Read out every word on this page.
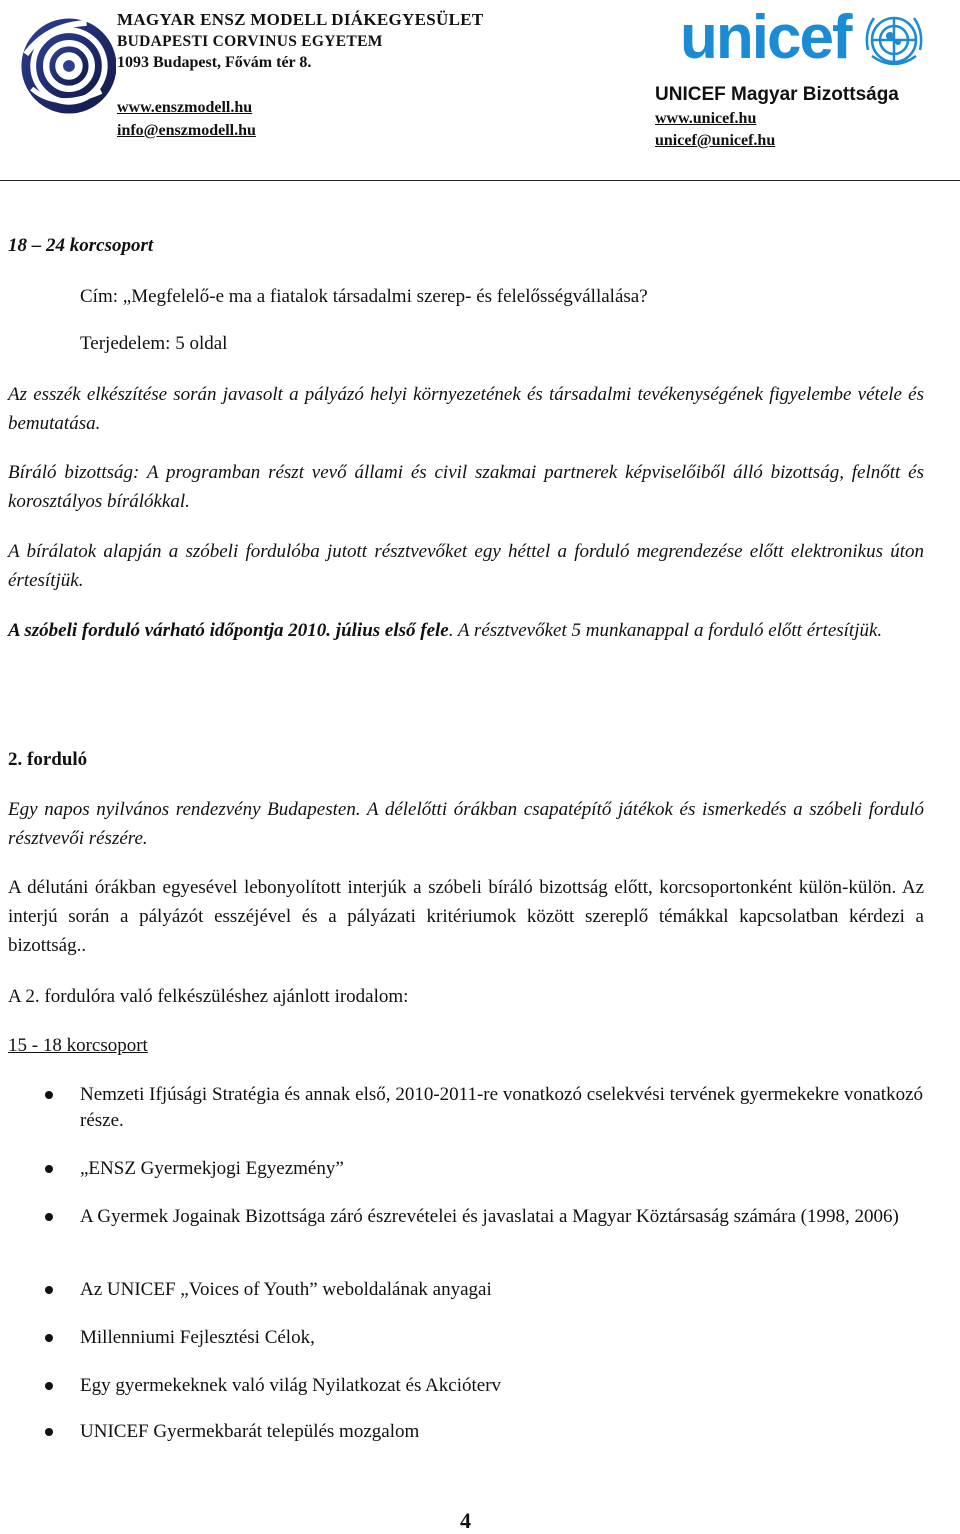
MAGYAR ENSZ MODELL DIÁKEGYESÜLET
BUDAPESTI CORVINUS EGYETEM
1093 Budapest, Fővám tér 8.
www.enszmodell.hu
info@enszmodell.hu
unicef
UNICEF Magyar Bizottsága
www.unicef.hu
unicef@unicef.hu
18 – 24 korcsoport
Cím: „Megfelelő-e ma a fiatalok társadalmi szerep- és felelősségvállalása?
Terjedelem: 5 oldal
Az esszék elkészítése során javasolt a pályázó helyi környezetének és társadalmi tevékenységének figyelembe vétele és bemutatása.
Bíráló bizottság: A programban részt vevő állami és civil szakmai partnerek képviselőiből álló bizottság, felnőtt és korosztályos bírálókkal.
A bírálatok alapján a szóbeli fordulóba jutott résztvevőket egy héttel a forduló megrendezése előtt elektronikus úton értesítjük.
A szóbeli forduló várható időpontja 2010. július első fele. A résztvevőket 5 munkanappal a forduló előtt értesítjük.
2. forduló
Egy napos nyilvános rendezvény Budapesten. A délelőtti órákban csapatépítő játékok és ismerkedés a szóbeli forduló résztvevői részére.
A délutáni órákban egyesével lebonyolított interjúk a szóbeli bíráló bizottság előtt, korcsoportonként külön-külön. Az interjú során a pályázót esszéjével és a pályázati kritériumok között szereplő témákkal kapcsolatban kérdezi a bizottság..
A 2. fordulóra való felkészüléshez ajánlott irodalom:
15 - 18 korcsoport
Nemzeti Ifjúsági Stratégia és annak első, 2010-2011-re vonatkozó cselekvési tervének gyermekekre vonatkozó része.
„ENSZ Gyermekjogi Egyezmény”
A Gyermek Jogainak Bizottsága záró észrevételei és javaslatai a Magyar Köztársaság számára (1998, 2006)
Az UNICEF „Voices of Youth” weboldalának anyagai
Millenniumi Fejlesztési Célok,
Egy gyermekeknek való világ Nyilatkozat és Akcióterv
UNICEF Gyermekbarát település mozgalom
4
